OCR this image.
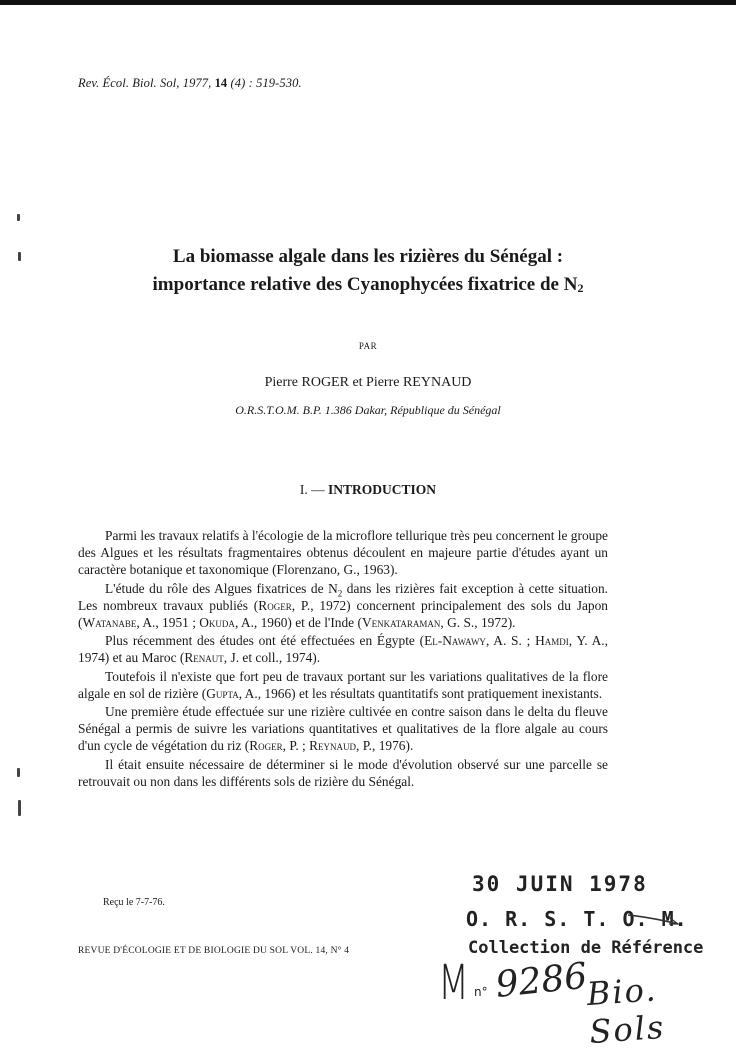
Rev. Écol. Biol. Sol, 1977, 14 (4) : 519-530.
La biomasse algale dans les rizières du Sénégal :
importance relative des Cyanophycées fixatrice de $N_2$
PAR
Pierre ROGER et Pierre REYNAUD
O.R.S.T.O.M. B.P. 1.386 Dakar, République du Sénégal
I. — INTRODUCTION

Parmi les travaux relatifs à l'écologie de la microflore tellurique très peu concernent le groupe des Algues et les résultats fragmentaires obtenus découlent en majeure partie d'études ayant un caractère botanique et taxonomique (Florenzano, G., 1963).

L'étude du rôle des Algues fixatrices de $N_2$ dans les rizières fait exception à cette situation. Les nombreux travaux publiés (Roger, P., 1972) concernent principalement des sols du Japon (Watanabe, A., 1951 ; Okuda, A., 1960) et de l'Inde (Venkataraman, G. S., 1972).

Plus récemment des études ont été effectuées en Égypte (El-Nawawy, A. S. ; Hamdi, Y. A., 1974) et au Maroc (Renaut, J. et coll., 1974).

Toutefois il n'existe que fort peu de travaux portant sur les variations qualitatives de la flore algale en sol de rizière (Gupta, A., 1966) et les résultats quantitatifs sont pratiquement inexistants.

Une première étude effectuée sur une rizière cultivée en contre saison dans le delta du fleuve Sénégal a permis de suivre les variations quantitatives et qualitatives de la flore algale au cours d'un cycle de végétation du riz (Roger, P. ; Reynaud, P., 1976).

Il était ensuite nécessaire de déterminer si le mode d'évolution observé sur une parcelle se retrouvait ou non dans les différents sols de rizière du Sénégal.

Reçu le 7-7-76.
REVUE D'ÉCOLOGIE ET DE BIOLOGIE DU SOL VOL. 14, N° 4
30 JUIN 1978
O. R. S. T. O. M.
Collection de Référence
M n° 9286
Bio. Sols
